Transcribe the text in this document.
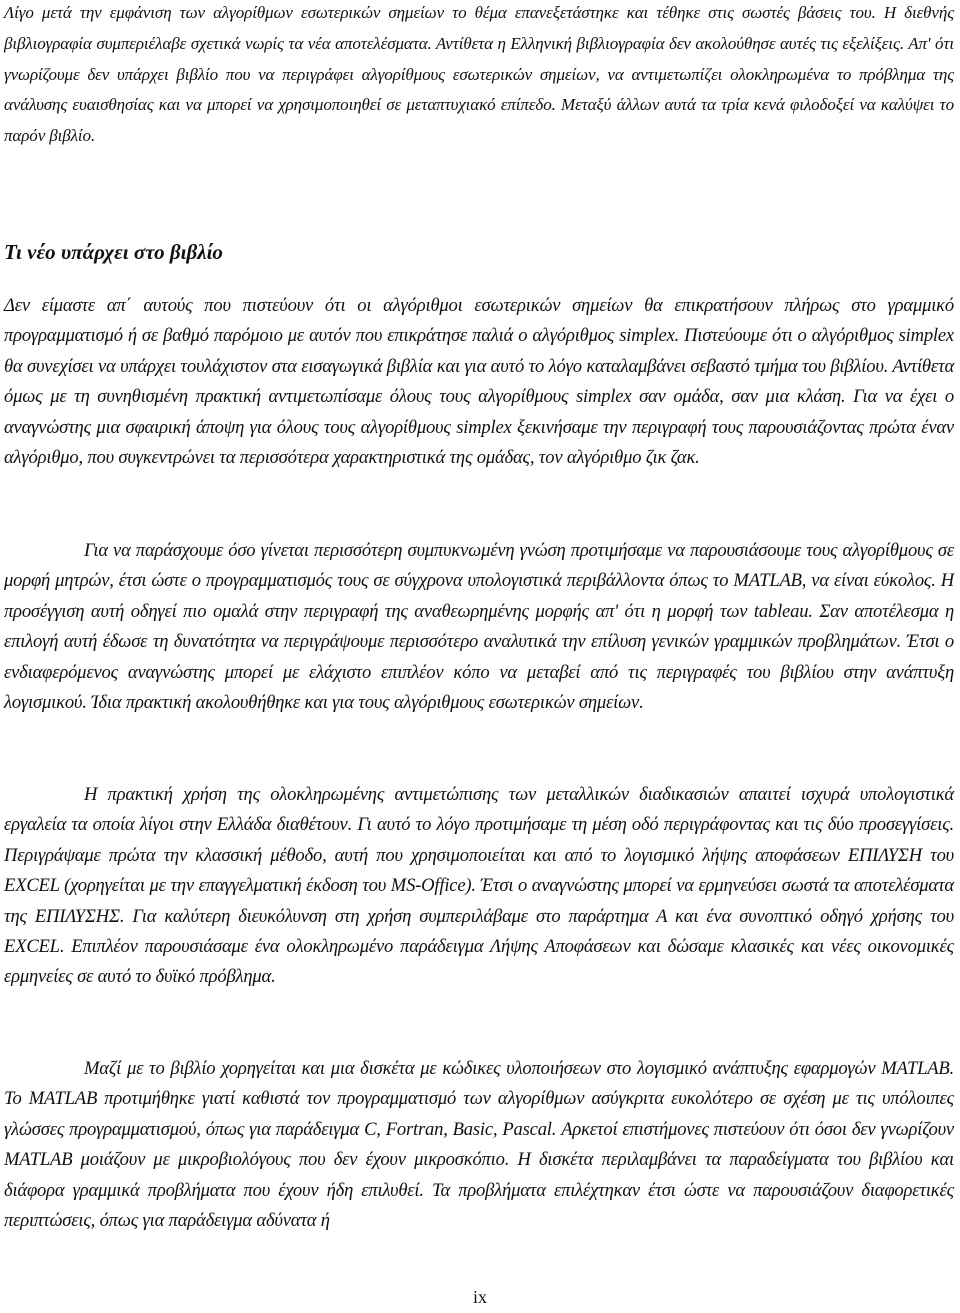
Λίγο μετά την εμφάνιση των αλγορίθμων εσωτερικών σημείων το θέμα επανεξετάστηκε και τέθηκε στις σωστές βάσεις του. Η διεθνής βιβλιογραφία συμπεριέλαβε σχετικά νωρίς τα νέα αποτελέσματα. Αντίθετα η Ελληνική βιβλιογραφία δεν ακολούθησε αυτές τις εξελίξεις. Απ' ότι γνωρίζουμε δεν υπάρχει βιβλίο που να περιγράφει αλγορίθμους εσωτερικών σημείων, να αντιμετωπίζει ολοκληρωμένα το πρόβλημα της ανάλυσης ευαισθησίας και να μπορεί να χρησιμοποιηθεί σε μεταπτυχιακό επίπεδο. Μεταξύ άλλων αυτά τα τρία κενά φιλοδοξεί να καλύψει το παρόν βιβλίο.

Τι νέο υπάρχει στο βιβλίο

Δεν είμαστε απ΄ αυτούς που πιστεύουν ότι οι αλγόριθμοι εσωτερικών σημείων θα επικρατήσουν πλήρως στο γραμμικό προγραμματισμό ή σε βαθμό παρόμοιο με αυτόν που επικράτησε παλιά ο αλγόριθμος simplex. Πιστεύουμε ότι ο αλγόριθμος simplex θα συνεχίσει να υπάρχει τουλάχιστον στα εισαγωγικά βιβλία και για αυτό το λόγο καταλαμβάνει σεβαστό τμήμα του βιβλίου. Αντίθετα όμως με τη συνηθισμένη πρακτική αντιμετωπίσαμε όλους τους αλγορίθμους simplex σαν ομάδα, σαν μια κλάση. Για να έχει ο αναγνώστης μια σφαιρική άποψη για όλους τους αλγορίθμους simplex ξεκινήσαμε την περιγραφή τους παρουσιάζοντας πρώτα έναν αλγόριθμο, που συγκεντρώνει τα περισσότερα χαρακτηριστικά της ομάδας, τον αλγόριθμο ζικ ζακ.

Για να παράσχουμε όσο γίνεται περισσότερη συμπυκνωμένη γνώση προτιμήσαμε να παρουσιάσουμε τους αλγορίθμους σε μορφή μητρών, έτσι ώστε ο προγραμματισμός τους σε σύγχρονα υπολογιστικά περιβάλλοντα όπως το MATLAB, να είναι εύκολος. Η προσέγγιση αυτή οδηγεί πιο ομαλά στην περιγραφή της αναθεωρημένης μορφής απ' ότι η μορφή των tableau. Σαν αποτέλεσμα η επιλογή αυτή έδωσε τη δυνατότητα να περιγράψουμε περισσότερο αναλυτικά την επίλυση γενικών γραμμικών προβλημάτων. Έτσι ο ενδιαφερόμενος αναγνώστης μπορεί με ελάχιστο επιπλέον κόπο να μεταβεί από τις περιγραφές του βιβλίου στην ανάπτυξη λογισμικού. Ίδια πρακτική ακολουθήθηκε και για τους αλγόριθμους εσωτερικών σημείων.

Η πρακτική χρήση της ολοκληρωμένης αντιμετώπισης των μεταλλικών διαδικασιών απαιτεί ισχυρά υπολογιστικά εργαλεία τα οποία λίγοι στην Ελλάδα διαθέτουν. Γι αυτό το λόγο προτιμήσαμε τη μέση οδό περιγράφοντας και τις δύο προσεγγίσεις. Περιγράψαμε πρώτα την κλασσική μέθοδο, αυτή που χρησιμοποιείται και από το λογισμικό λήψης αποφάσεων ΕΠΙΛΥΣΗ του EXCEL (χορηγείται με την επαγγελματική έκδοση του MS-Office). Έτσι ο αναγνώστης μπορεί να ερμηνεύσει σωστά τα αποτελέσματα της ΕΠΙΛΥΣΗΣ. Για καλύτερη διευκόλυνση στη χρήση συμπεριλάβαμε στο παράρτημα Α και ένα συνοπτικό οδηγό χρήσης του EXCEL. Επιπλέον παρουσιάσαμε ένα ολοκληρωμένο παράδειγμα Λήψης Αποφάσεων και δώσαμε κλασικές και νέες οικονομικές ερμηνείες σε αυτό το δυϊκό πρόβλημα.

Μαζί με το βιβλίο χορηγείται και μια δισκέτα με κώδικες υλοποιήσεων στο λογισμικό ανάπτυξης εφαρμογών MATLAB. Το MATLAB προτιμήθηκε γιατί καθιστά τον προγραμματισμό των αλγορίθμων ασύγκριτα ευκολότερο σε σχέση με τις υπόλοιπες γλώσσες προγραμματισμού, όπως για παράδειγμα C, Fortran, Basic, Pascal. Αρκετοί επιστήμονες πιστεύουν ότι όσοι δεν γνωρίζουν MATLAB μοιάζουν με μικροβιολόγους που δεν έχουν μικροσκόπιο. Η δισκέτα περιλαμβάνει τα παραδείγματα του βιβλίου και διάφορα γραμμικά προβλήματα που έχουν ήδη επιλυθεί. Τα προβλήματα επιλέχτηκαν έτσι ώστε να παρουσιάζουν διαφορετικές περιπτώσεις, όπως για παράδειγμα αδύνατα ή

ix
